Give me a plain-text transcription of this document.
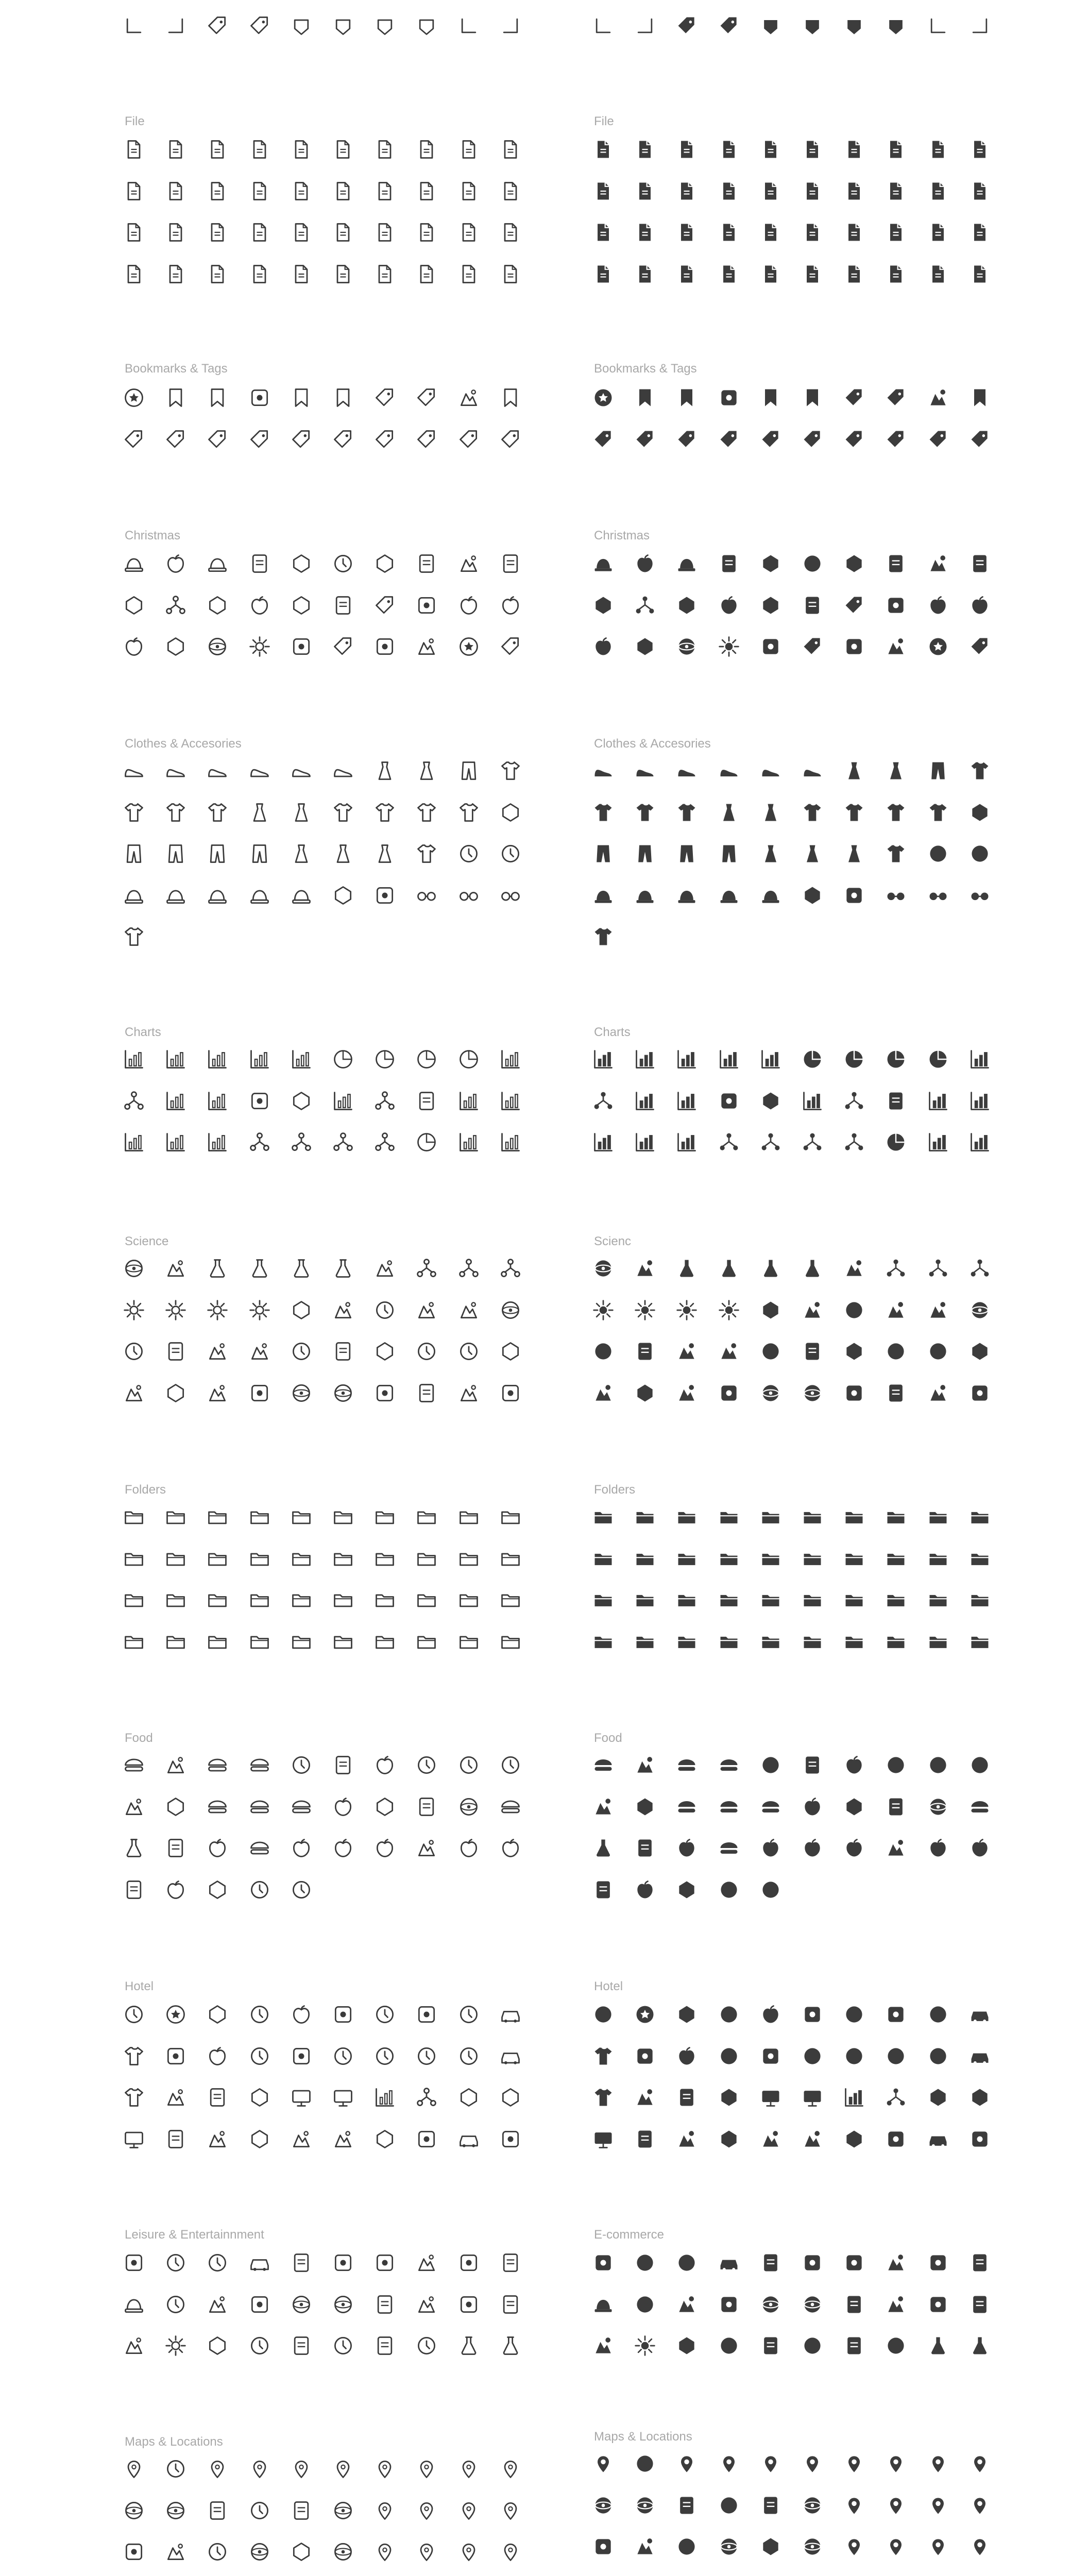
File	File
Bookmarks & Tags	Bookmarks & Tags
Christmas	Christmas
Clothes & Accesories	Clothes & Accesories
Charts	Charts
Science	Scienc
Folders	Folders
Food	Food
Hotel	Hotel
Leisure & Entertainnment	E-commerce
Maps & Locations	Maps & Locations
